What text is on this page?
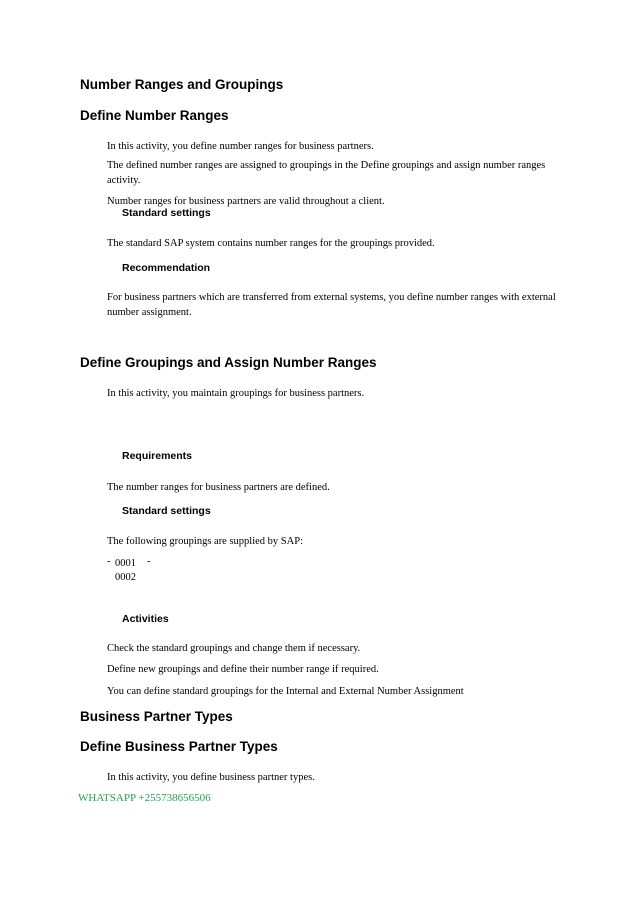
Number Ranges and Groupings
Define Number Ranges

In this activity, you define number ranges for business partners.

The defined number ranges are assigned to groupings in the Define groupings and assign number ranges activity.

Number ranges for business partners are valid throughout a client.

Standard settings

The standard SAP system contains number ranges for the groupings provided.

Recommendation

For business partners which are transferred from external systems, you define number ranges with external number assignment.

Define Groupings and Assign Number Ranges

In this activity, you maintain groupings for business partners.

Requirements

The number ranges for business partners are defined.

Standard settings

The following groupings are supplied by SAP:

- 0001 -
0002

Activities

Check the standard groupings and change them if necessary.

Define new groupings and define their number range if required.

You can define standard groupings for the Internal and External Number Assignment

Business Partner Types
Define Business Partner Types

In this activity, you define business partner types.

WHATSAPP +255738656506
